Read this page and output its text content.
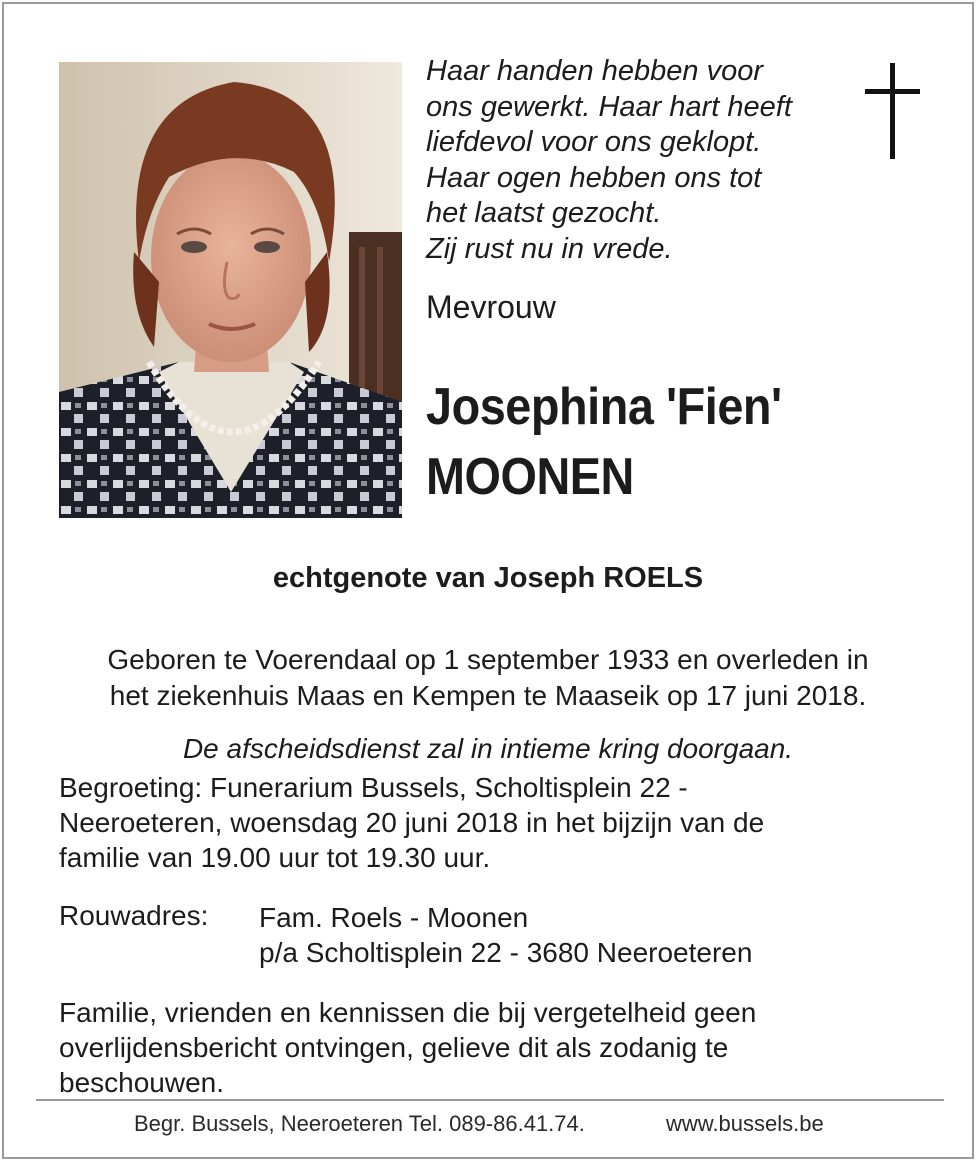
Haar handen hebben voor
ons gewerkt. Haar hart heeft
liefdevol voor ons geklopt.
Haar ogen hebben ons tot
het laatst gezocht.
Zij rust nu in vrede.
Mevrouw
Josephina 'Fien'
MOONEN
echtgenote van Joseph ROELS
Geboren te Voerendaal op 1 september 1933 en overleden in
het ziekenhuis Maas en Kempen te Maaseik op 17 juni 2018.
De afscheidsdienst zal in intieme kring doorgaan.
Begroeting: Funerarium Bussels, Scholtisplein 22 -
Neeroeteren, woensdag 20 juni 2018 in het bijzijn van de
familie van 19.00 uur tot 19.30 uur.
Rouwadres: Fam. Roels - Moonen
p/a Scholtisplein 22 - 3680 Neeroeteren
Familie, vrienden en kennissen die bij vergetelheid geen
overlijdensbericht ontvingen, gelieve dit als zodanig te
beschouwen.
Begr. Bussels, Neeroeteren Tel. 089-86.41.74.	www.bussels.be
